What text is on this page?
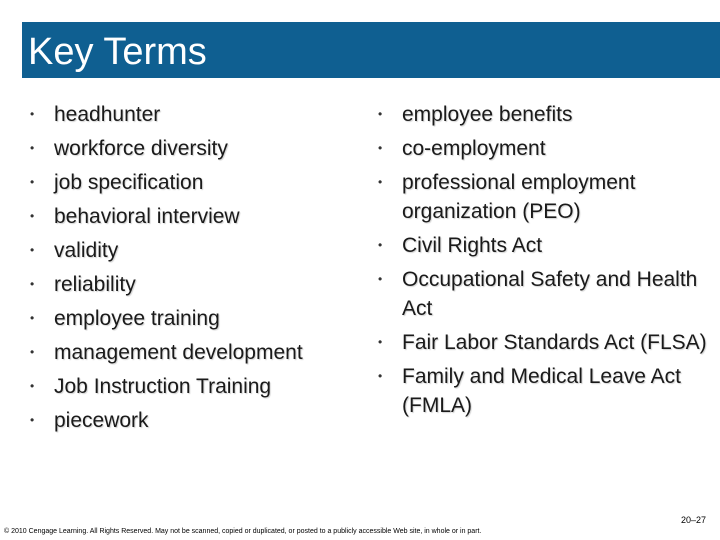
Key Terms
• headhunter
• workforce diversity
• job specification
• behavioral interview
• validity
• reliability
• employee training
• management development
• Job Instruction Training
• piecework
• employee benefits
• co-employment
• professional employment organization (PEO)
• Civil Rights Act
• Occupational Safety and Health Act
• Fair Labor Standards Act (FLSA)
• Family and Medical Leave Act (FMLA)
20–27
© 2010 Cengage Learning. All Rights Reserved. May not be scanned, copied or duplicated, or posted to a publicly accessible Web site, in whole or in part.
